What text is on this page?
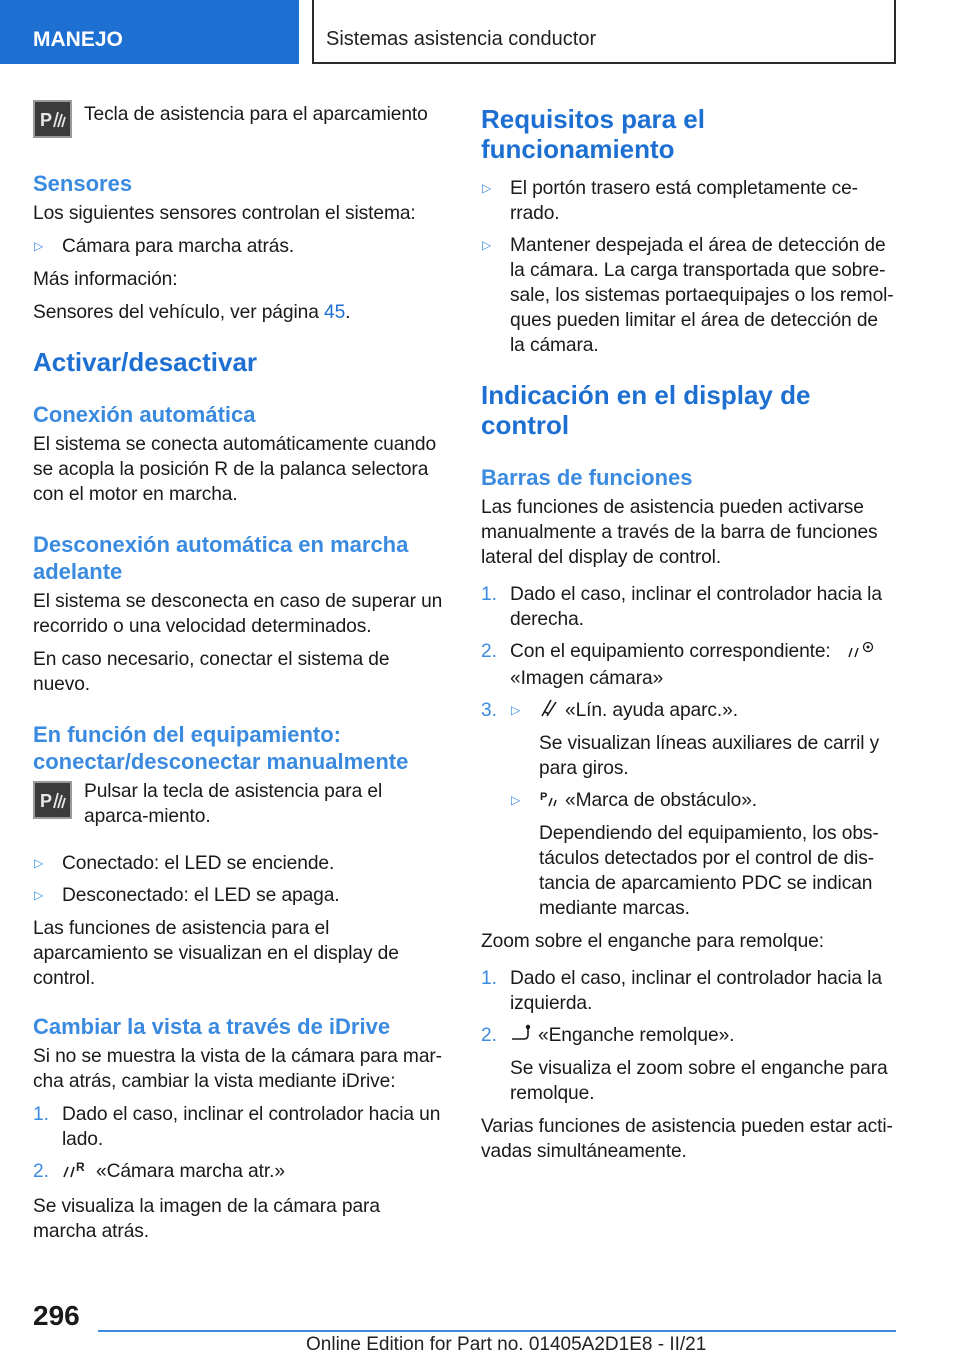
MANEJO	Sistemas asistencia conductor
P Tecla de asistencia para el aparcamiento

Sensores

Los siguientes sensores controlan el sistema:

▷ Cámara para marcha atrás.

Más información:

Sensores del vehículo, ver página 45.

Activar/desactivar
Conexión automática

El sistema se conecta automáticamente cuando se acopla la posición R de la palanca selectora con el motor en marcha.

Desconexión automática en marcha adelante

El sistema se desconecta en caso de superar un recorrido o una velocidad determinados.

En caso necesario, conectar el sistema de nuevo.

En función del equipamiento: conectar/desconectar manualmente
P Pulsar la tecla de asistencia para el aparca-miento.

▷ Conectado: el LED se enciende.
▷ Desconectado: el LED se apaga.

Las funciones de asistencia para el aparcamiento se visualizan en el display de control.

Cambiar la vista a través de iDrive

Si no se muestra la vista de la cámara para mar-cha atrás, cambiar la vista mediante iDrive:

1. Dado el caso, inclinar el controlador hacia un lado.
2. R «Cámara marcha atr.»

Se visualiza la imagen de la cámara para marcha atrás.

Requisitos para el funcionamiento
▷ El portón trasero está completamente ce-rrado.
▷ Mantener despejada el área de detección de la cámara. La carga transportada que sobre-sale, los sistemas portaequipajes o los remol-ques pueden limitar el área de detección de la cámara.
Indicación en el display de control
Barras de funciones

Las funciones de asistencia pueden activarse manualmente a través de la barra de funciones lateral del display de control.

1. Dado el caso, inclinar el controlador hacia la derecha.
2. Con el equipamiento correspondiente:
«Imagen cámara»
3.
▷	«Lín. ayuda aparc.».
Se visualizan líneas auxiliares de carril y para giros.
▷ P «Marca de obstáculo».
Dependiendo del equipamiento, los obs-táculos detectados por el control de dis-tancia de aparcamiento PDC se indican mediante marcas.

Zoom sobre el enganche para remolque:

1. Dado el caso, inclinar el controlador hacia la izquierda.
2. «Enganche remolque».
Se visualiza el zoom sobre el enganche para remolque.

Varias funciones de asistencia pueden estar acti-vadas simultáneamente.

296
Online Edition for Part no. 01405A2D1E8 - II/21
